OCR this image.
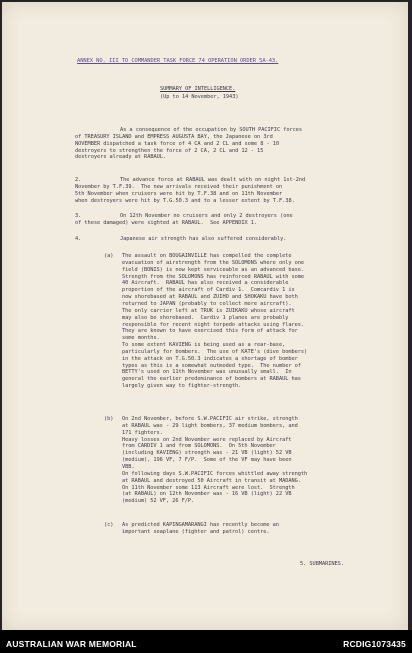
ANNEX NO. III TO COMMANDER TASK FORCE 74 OPERATION ORDER 5A-43.
SUMMARY OF INTELLIGENCE.
(Up to 14 November, 1943)
As a consequence of the occupation by SOUTH PACIFIC forces
of TREASURY ISLAND and EMPRESS AUGUSTA BAY, the Japanese on 3rd
NOVEMBER dispatched a task force of 4 CA and 2 CL and some 8 - 10
destroyers to strengthen the force of 2 CA, 2 CL and 12 - 15
destroyers already at RABAUL.
2.	The advance force at RABAUL was dealt with on night 1st-2nd
November by T.F.39.  The new arrivals received their punishment on
5th November when cruisers were hit by T.F.38 and on 11th November
when destroyers were hit by T.G.50.3 and to a lesser extent by T.F.38.
3.	On 12th November no cruisers and only 2 destroyers (one
of these damaged) were sighted at RABAUL.  See APPENDIX 1.
4.	Japanese air strength has also suffered considerably.
(a) The assault on BOUGAINVILLE has compelled the complete
evacuation of airstrength from the SOLOMONS where only one
field (BONIS) is now kept serviceable as an advanced base.
Strength from the SOLOMONS has reinforced RABAUL with some
40 Aircraft.  RABAUL has also received a considerable
proportion of the aircraft of Cardiv 1.  Comcardiv 1 is
now shorebased at RABAUL and ZUIHO and SHOKAKU have both
returned to JAPAN (probably to collect more aircraft).
The only carrier left at TRUK is ZUIKAKU whose aircraft
may also be shorebased.  Cardiv 1 planes are probably
responsible for recent night torpedo attacks using flares.
They are known to have exercised this form of attack for
some months.
To some extent KAVIENG is being used as a rear-base,
particularly for bombers.  The use of KATE's (dive bombers)
in the attack on T.G.50.3 indicates a shortage of bomber
types as this is a somewhat outmoded type.  The number of
BETTY's used on 11th November was unusually small.  In
general the earlier predominance of bombers at RABAUL has
largely given way to fighter-strength.
(b) On 2nd November, before S.W.PACIFIC air strike, strength
at RABAUL was - 29 light bombers, 37 medium bombers, and
171 fighters.
Heavy losses on 2nd November were replaced by Aircraft
from CARDIV 1 and from SOLOMONS.  On 5th November
(including KAVIENG) strength was - 21 VB (light) 52 VB
(medium), 196 VF, 7 F/P.  Some of the VF may have been
VBB.
On following days S.W.PACIFIC forces whittled away strength
at RABAUL and destroyed 50 Aircraft in transit at MADANG.
On 11th November some 113 Aircraft were lost.  Strength
(at RABAUL) on 12th November was - 16 VB (light) 22 VB
(medium) 52 VF, 26 F/P.
(c) As predicted KAPINGAMARANGI has recently become an
important seaplane (fighter and patrol) centre.
5. SUBMARINES.
AUSTRALIAN WAR MEMORIAL	RCDIG1073435
